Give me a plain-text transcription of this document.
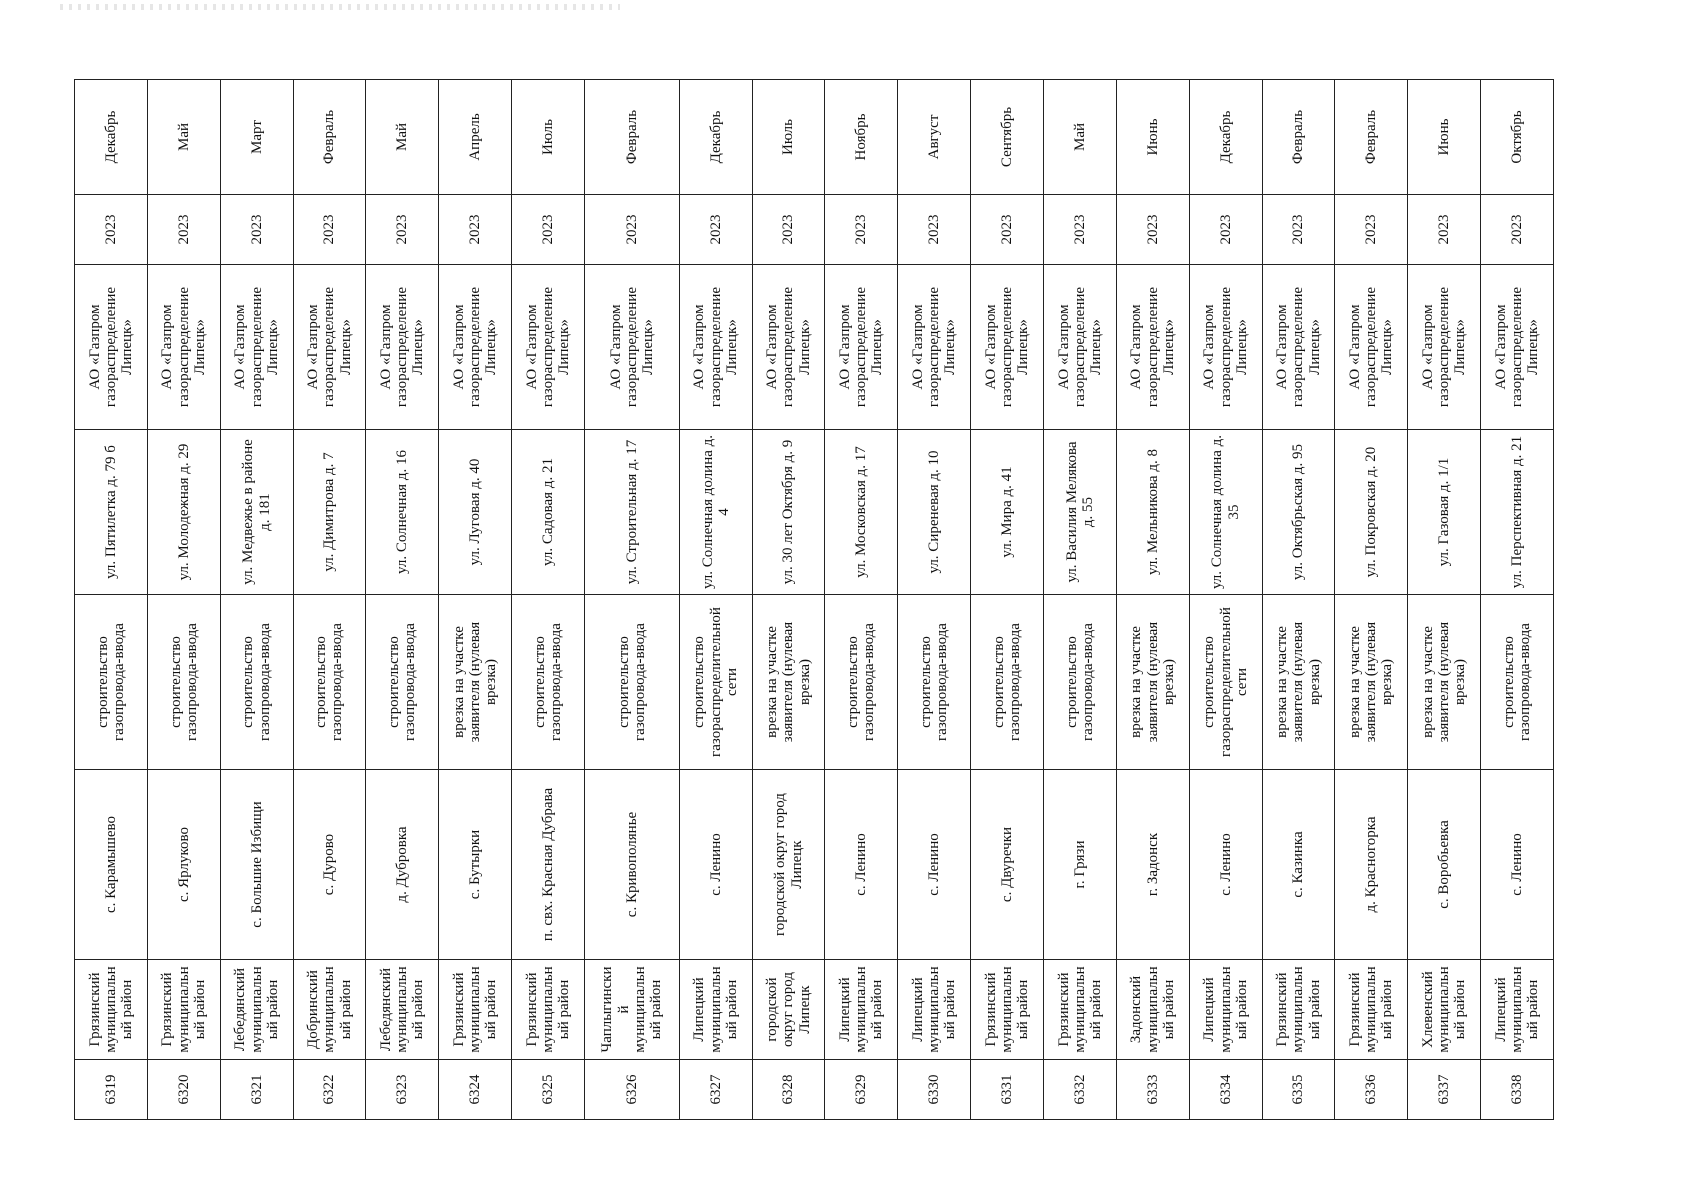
6319	Грязинский муниципальный район	с. Карамышево	строительство газопровода-ввода	ул. Пятилетка д. 79 б	АО «Газпром газораспределение Липецк»	2023	Декабрь
6320	Грязинский муниципальный район	с. Ярлуково	строительство газопровода-ввода	ул. Молодежная д. 29	АО «Газпром газораспределение Липецк»	2023	Май
6321	Лебедянский муниципальный район	с. Большие Избищи	строительство газопровода-ввода	ул. Медвежье в районе д. 181	АО «Газпром газораспределение Липецк»	2023	Март
6322	Добринский муниципальный район	с. Дурово	строительство газопровода-ввода	ул. Димитрова д. 7	АО «Газпром газораспределение Липецк»	2023	Февраль
6323	Лебедянский муниципальный район	д. Дубровка	строительство газопровода-ввода	ул. Солнечная д. 16	АО «Газпром газораспределение Липецк»	2023	Май
6324	Грязинский муниципальный район	с. Бутырки	врезка на участке заявителя (нулевая врезка)	ул. Луговая д. 40	АО «Газпром газораспределение Липецк»	2023	Апрель
6325	Грязинский муниципальный район	п. свх. Красная Дубрава	строительство газопровода-ввода	ул. Садовая д. 21	АО «Газпром газораспределение Липецк»	2023	Июль
6326	Чаплыгинский муниципальный район	с. Кривополянье	строительство газопровода-ввода	ул. Строительная д. 17	АО «Газпром газораспределение Липецк»	2023	Февраль
6327	Липецкий муниципальный район	с. Ленино	строительство газораспределительной сети	ул. Солнечная долина д. 4	АО «Газпром газораспределение Липецк»	2023	Декабрь
6328	городской округ город Липецк	городской округ город Липецк	врезка на участке заявителя (нулевая врезка)	ул. 30 лет Октября д. 9	АО «Газпром газораспределение Липецк»	2023	Июль
6329	Липецкий муниципальный район	с. Ленино	строительство газопровода-ввода	ул. Московская д. 17	АО «Газпром газораспределение Липецк»	2023	Ноябрь
6330	Липецкий муниципальный район	с. Ленино	строительство газопровода-ввода	ул. Сиреневая д. 10	АО «Газпром газораспределение Липецк»	2023	Август
6331	Грязинский муниципальный район	с. Двуречки	строительство газопровода-ввода	ул. Мира д. 41	АО «Газпром газораспределение Липецк»	2023	Сентябрь
6332	Грязинский муниципальный район	г. Грязи	строительство газопровода-ввода	ул. Василия Мелякова д. 55	АО «Газпром газораспределение Липецк»	2023	Май
6333	Задонский муниципальный район	г. Задонск	врезка на участке заявителя (нулевая врезка)	ул. Мельникова д. 8	АО «Газпром газораспределение Липецк»	2023	Июнь
6334	Липецкий муниципальный район	с. Ленино	строительство газораспределительной сети	ул. Солнечная долина д. 35	АО «Газпром газораспределение Липецк»	2023	Декабрь
6335	Грязинский муниципальный район	с. Казинка	врезка на участке заявителя (нулевая врезка)	ул. Октябрьская д. 95	АО «Газпром газораспределение Липецк»	2023	Февраль
6336	Грязинский муниципальный район	д. Красногорка	врезка на участке заявителя (нулевая врезка)	ул. Покровская д. 20	АО «Газпром газораспределение Липецк»	2023	Февраль
6337	Хлевенский муниципальный район	с. Воробьевка	врезка на участке заявителя (нулевая врезка)	ул. Газовая д. 1/1	АО «Газпром газораспределение Липецк»	2023	Июнь
6338	Липецкий муниципальный район	с. Ленино	строительство газопровода-ввода	ул. Перспективная д. 21	АО «Газпром газораспределение Липецк»	2023	Октябрь
